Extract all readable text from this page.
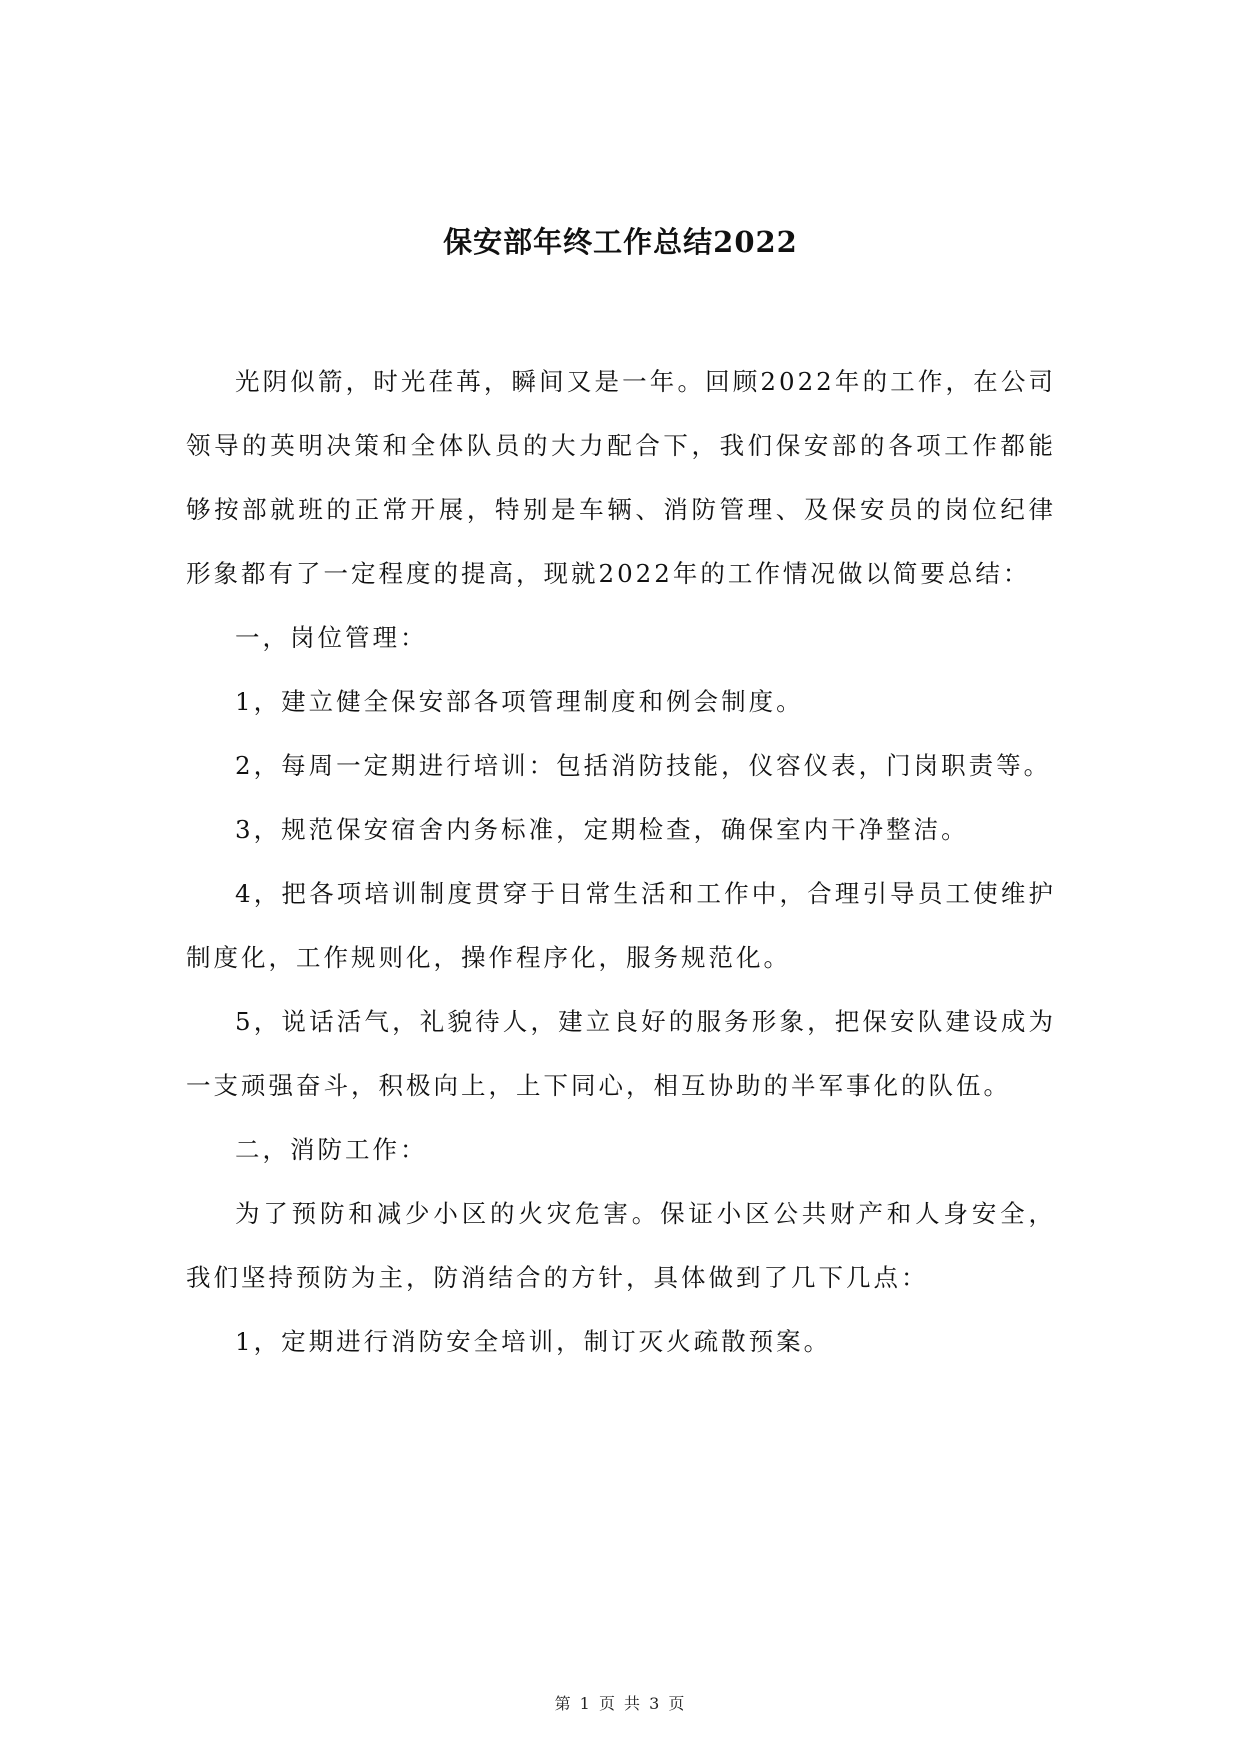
保安部年终工作总结2022

光阴似箭，时光荏苒，瞬间又是一年。回顾2022年的工作，在公司领导的英明决策和全体队员的大力配合下，我们保安部的各项工作都能够按部就班的正常开展，特别是车辆、消防管理、及保安员的岗位纪律形象都有了一定程度的提高，现就2022年的工作情况做以简要总结：

一，岗位管理：

1，建立健全保安部各项管理制度和例会制度。

2，每周一定期进行培训：包括消防技能，仪容仪表，门岗职责等。

3，规范保安宿舍内务标准，定期检查，确保室内干净整洁。

4，把各项培训制度贯穿于日常生活和工作中，合理引导员工使维护制度化，工作规则化，操作程序化，服务规范化。

5，说话活气，礼貌待人，建立良好的服务形象，把保安队建设成为一支顽强奋斗，积极向上，上下同心，相互协助的半军事化的队伍。

二，消防工作：

为了预防和减少小区的火灾危害。保证小区公共财产和人身安全，我们坚持预防为主，防消结合的方针，具体做到了几下几点：

1，定期进行消防安全培训，制订灭火疏散预案。

第 1 页 共 3 页
